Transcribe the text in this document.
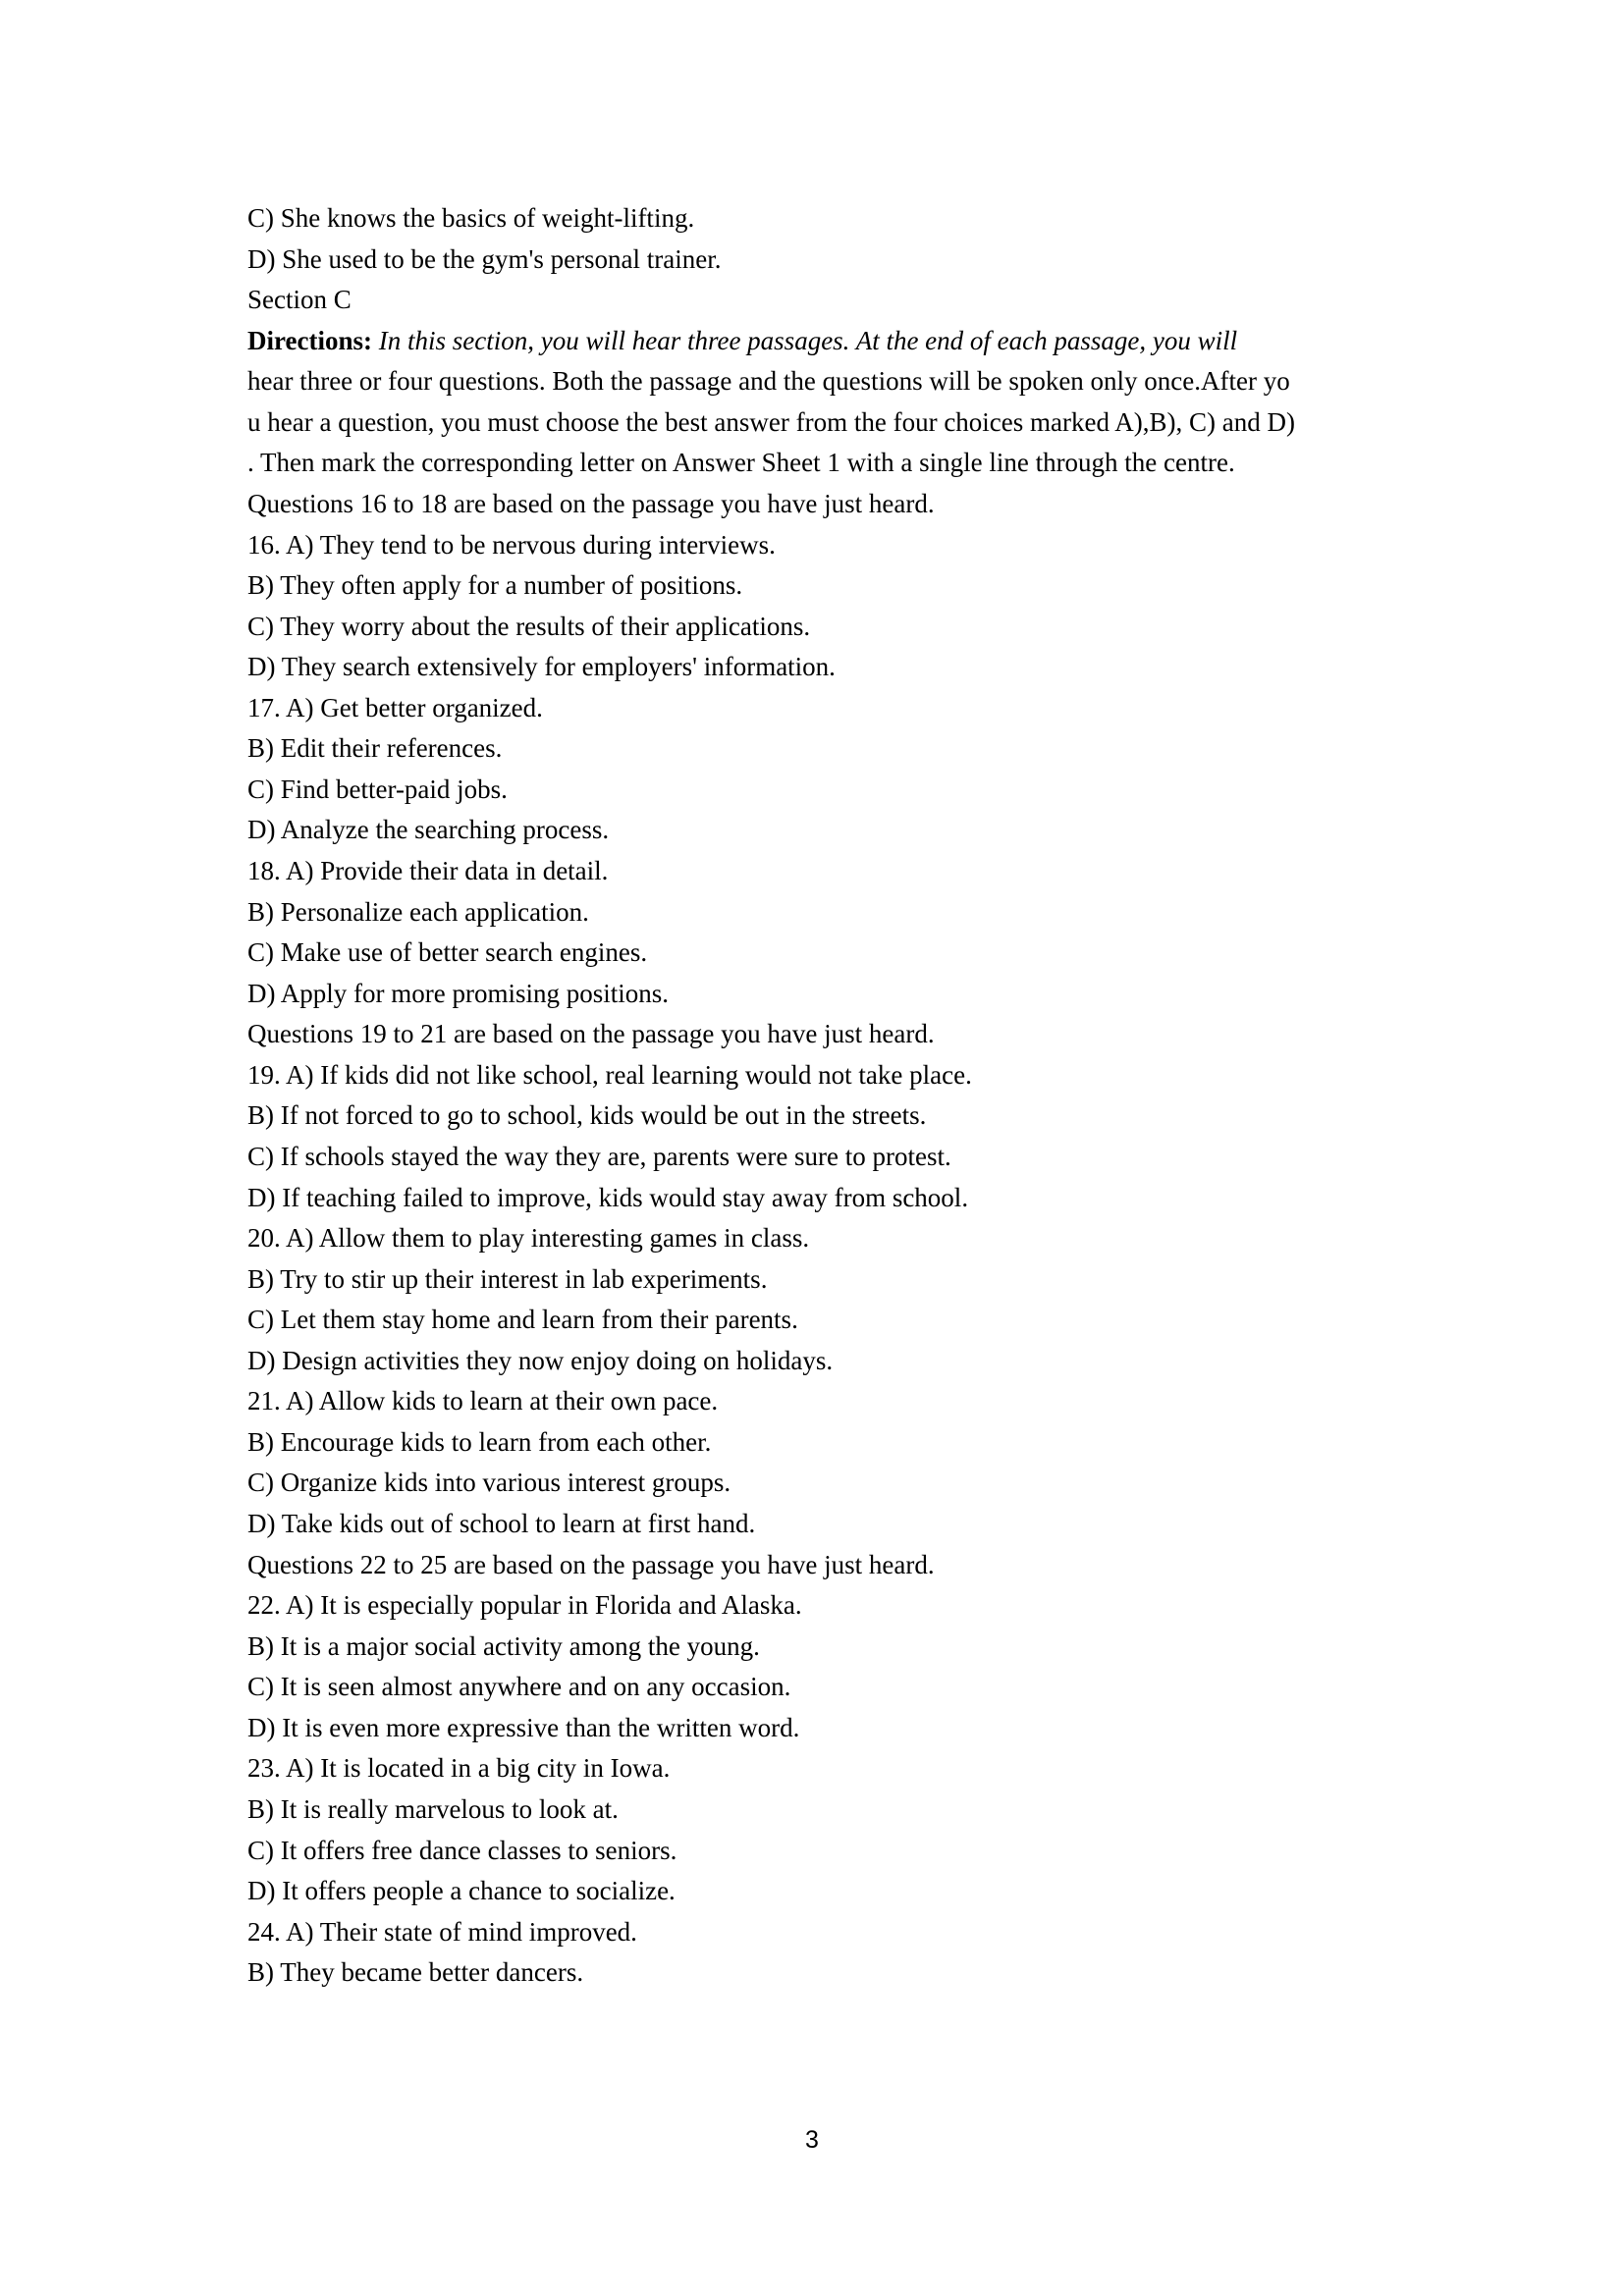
C) She knows the basics of weight-lifting.

D) She used to be the gym's personal trainer.

Section C

Directions: In this section, you will hear three passages. At the end of each passage, you will

hear three or four questions. Both the passage and the questions will be spoken only once.After yo

u hear a question, you must choose the best answer from the four choices marked A),B), C) and D)

. Then mark the corresponding letter on Answer Sheet 1 with a single line through the centre.

Questions 16 to 18 are based on the passage you have just heard.

16. A) They tend to be nervous during interviews.

B) They often apply for a number of positions.

C) They worry about the results of their applications.

D) They search extensively for employers' information.

17. A) Get better organized.

B) Edit their references.

C) Find better-paid jobs.

D) Analyze the searching process.

18. A) Provide their data in detail.

B) Personalize each application.

C) Make use of better search engines.

D) Apply for more promising positions.

Questions 19 to 21 are based on the passage you have just heard.

19. A) If kids did not like school, real learning would not take place.

B) If not forced to go to school, kids would be out in the streets.

C) If schools stayed the way they are, parents were sure to protest.

D) If teaching failed to improve, kids would stay away from school.

20. A) Allow them to play interesting games in class.

B) Try to stir up their interest in lab experiments.

C) Let them stay home and learn from their parents.

D) Design activities they now enjoy doing on holidays.

21. A) Allow kids to learn at their own pace.

B) Encourage kids to learn from each other.

C) Organize kids into various interest groups.

D) Take kids out of school to learn at first hand.

Questions 22 to 25 are based on the passage you have just heard.

22. A) It is especially popular in Florida and Alaska.

B) It is a major social activity among the young.

C) It is seen almost anywhere and on any occasion.

D) It is even more expressive than the written word.

23. A) It is located in a big city in Iowa.

B) It is really marvelous to look at.

C) It offers free dance classes to seniors.

D) It offers people a chance to socialize.

24. A) Their state of mind improved.

B) They became better dancers.

3
